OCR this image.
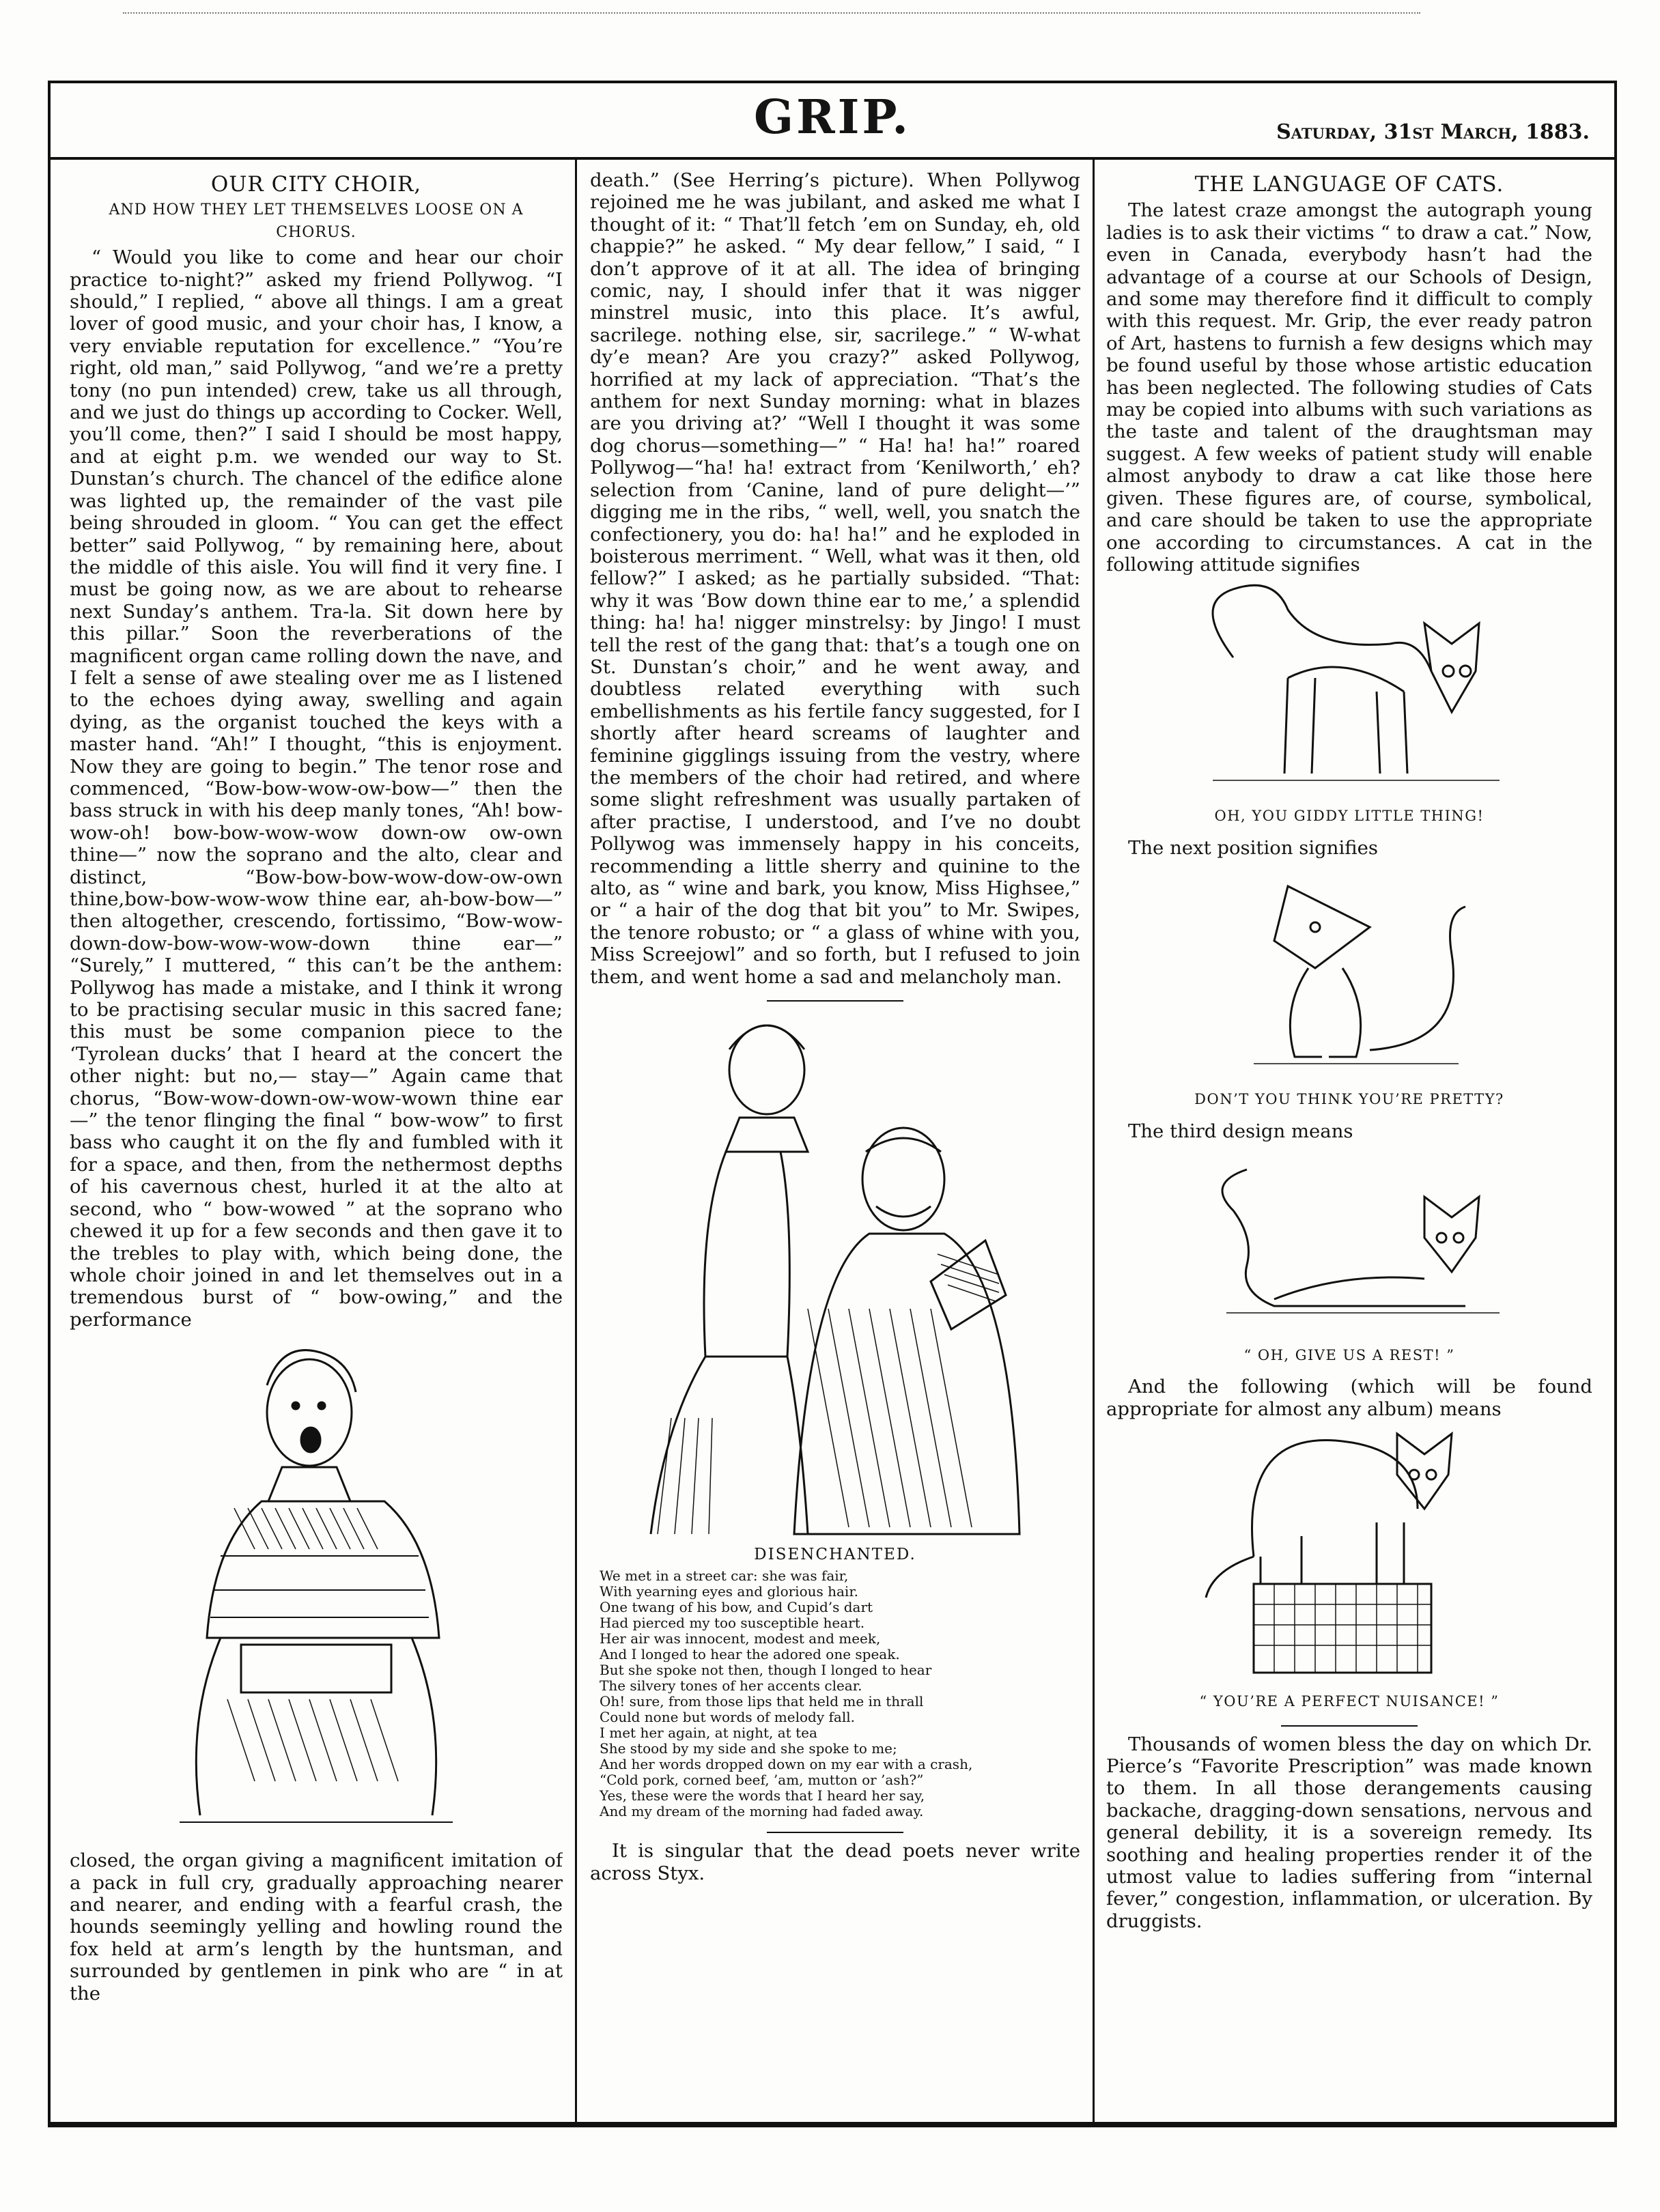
GRIP.	Saturday, 31st March, 1883.
OUR CITY CHOIR,
AND HOW THEY LET THEMSELVES LOOSE ON A CHORUS.

“ Would you like to come and hear our choir practice to-night?” asked my friend Pollywog. “I should,” I replied, “ above all things. I am a great lover of good music, and your choir has, I know, a very enviable reputation for excellence.” “You’re right, old man,” said Pollywog, “and we’re a pretty tony (no pun intended) crew, take us all through, and we just do things up according to Cocker. Well, you’ll come, then?” I said I should be most happy, and at eight p.m. we wended our way to St. Dunstan’s church. The chancel of the edifice alone was lighted up, the remainder of the vast pile being shrouded in gloom. “ You can get the effect better” said Pollywog, “ by remaining here, about the middle of this aisle. You will find it very fine. I must be going now, as we are about to rehearse next Sunday’s anthem. Tra-la. Sit down here by this pillar.” Soon the reverberations of the magnificent organ came rolling down the nave, and I felt a sense of awe stealing over me as I listened to the echoes dying away, swelling and again dying, as the organist touched the keys with a master hand. “Ah!” I thought, “this is enjoyment. Now they are going to begin.” The tenor rose and commenced, “Bow-bow-wow-ow-bow—” then the bass struck in with his deep manly tones, “Ah! bow-wow-oh! bow-bow-wow-wow down-ow ow-own thine—” now the soprano and the alto, clear and distinct, “Bow-bow-bow-wow-dow-ow-own thine,bow-bow-wow-wow thine ear, ah-bow-bow—” then altogether, crescendo, fortissimo, “Bow-wow-down-dow-bow-wow-wow-down thine ear—” “Surely,” I muttered, “ this can’t be the anthem: Pollywog has made a mistake, and I think it wrong to be practising secular music in this sacred fane; this must be some companion piece to the ‘Tyrolean ducks’ that I heard at the concert the other night: but no,— stay—” Again came that chorus, “Bow-wow-down-ow-wow-wown thine ear—” the tenor flinging the final “ bow-wow” to first bass who caught it on the fly and fumbled with it for a space, and then, from the nethermost depths of his cavernous chest, hurled it at the alto at second, who “ bow-wowed ” at the soprano who chewed it up for a few seconds and then gave it to the trebles to play with, which being done, the whole choir joined in and let themselves out in a tremendous burst of “ bow-owing,” and the performance

closed, the organ giving a magnificent imitation of a pack in full cry, gradually approaching nearer and nearer, and ending with a fearful crash, the hounds seemingly yelling and howling round the fox held at arm’s length by the huntsman, and surrounded by gentlemen in pink who are “ in at the

death.” (See Herring’s picture). When Pollywog rejoined me he was jubilant, and asked me what I thought of it: “ That’ll fetch ’em on Sunday, eh, old chappie?” he asked. “ My dear fellow,” I said, “ I don’t approve of it at all. The idea of bringing comic, nay, I should infer that it was nigger minstrel music, into this place. It’s awful, sacrilege. nothing else, sir, sacrilege.” “ W-what dy’e mean? Are you crazy?” asked Pollywog, horrified at my lack of appreciation. “That’s the anthem for next Sunday morning: what in blazes are you driving at?’ “Well I thought it was some dog chorus—something—” “ Ha! ha! ha!” roared Pollywog—“ha! ha! extract from ‘Kenilworth,’ eh? selection from ‘Canine, land of pure delight—’” digging me in the ribs, “ well, well, you snatch the confectionery, you do: ha! ha!” and he exploded in boisterous merriment. “ Well, what was it then, old fellow?” I asked; as he partially subsided. “That: why it was ‘Bow down thine ear to me,’ a splendid thing: ha! ha! nigger minstrelsy: by Jingo! I must tell the rest of the gang that: that’s a tough one on St. Dunstan’s choir,” and he went away, and doubtless related everything with such embellishments as his fertile fancy suggested, for I shortly after heard screams of laughter and feminine gigglings issuing from the vestry, where the members of the choir had retired, and where some slight refreshment was usually partaken of after practise, I understood, and I’ve no doubt Pollywog was immensely happy in his conceits, recommending a little sherry and quinine to the alto, as “ wine and bark, you know, Miss Highsee,” or “ a hair of the dog that bit you” to Mr. Swipes, the tenore robusto; or “ a glass of whine with you, Miss Screejowl” and so forth, but I refused to join them, and went home a sad and melancholy man.

DISENCHANTED.
We met in a street car: she was fair,
With yearning eyes and glorious hair.
One twang of his bow, and Cupid’s dart
Had pierced my too susceptible heart.
Her air was innocent, modest and meek,
And I longed to hear the adored one speak.
But she spoke not then, though I longed to hear
The silvery tones of her accents clear.
Oh! sure, from those lips that held me in thrall
Could none but words of melody fall.
I met her again, at night, at tea
She stood by my side and she spoke to me;
And her words dropped down on my ear with a crash,
“Cold pork, corned beef, ’am, mutton or ’ash?”
Yes, these were the words that I heard her say,
And my dream of the morning had faded away.

It is singular that the dead poets never write across Styx.

THE LANGUAGE OF CATS.

The latest craze amongst the autograph young ladies is to ask their victims “ to draw a cat.” Now, even in Canada, everybody hasn’t had the advantage of a course at our Schools of Design, and some may therefore find it difficult to comply with this request. Mr. Grip, the ever ready patron of Art, hastens to furnish a few designs which may be found useful by those whose artistic education has been neglected. The following studies of Cats may be copied into albums with such variations as the taste and talent of the draughtsman may suggest. A few weeks of patient study will enable almost anybody to draw a cat like those here given. These figures are, of course, symbolical, and care should be taken to use the appropriate one according to circumstances. A cat in the following attitude signifies

OH, YOU GIDDY LITTLE THING!

The next position signifies

DON’T YOU THINK YOU’RE PRETTY?

The third design means

“ OH, GIVE US A REST! ”

And the following (which will be found appropriate for almost any album) means

“ YOU’RE A PERFECT NUISANCE! ”

Thousands of women bless the day on which Dr. Pierce’s “Favorite Prescription” was made known to them. In all those derangements causing backache, dragging-down sensations, nervous and general debility, it is a sovereign remedy. Its soothing and healing properties render it of the utmost value to ladies suffering from “internal fever,” congestion, inflammation, or ulceration. By druggists.
